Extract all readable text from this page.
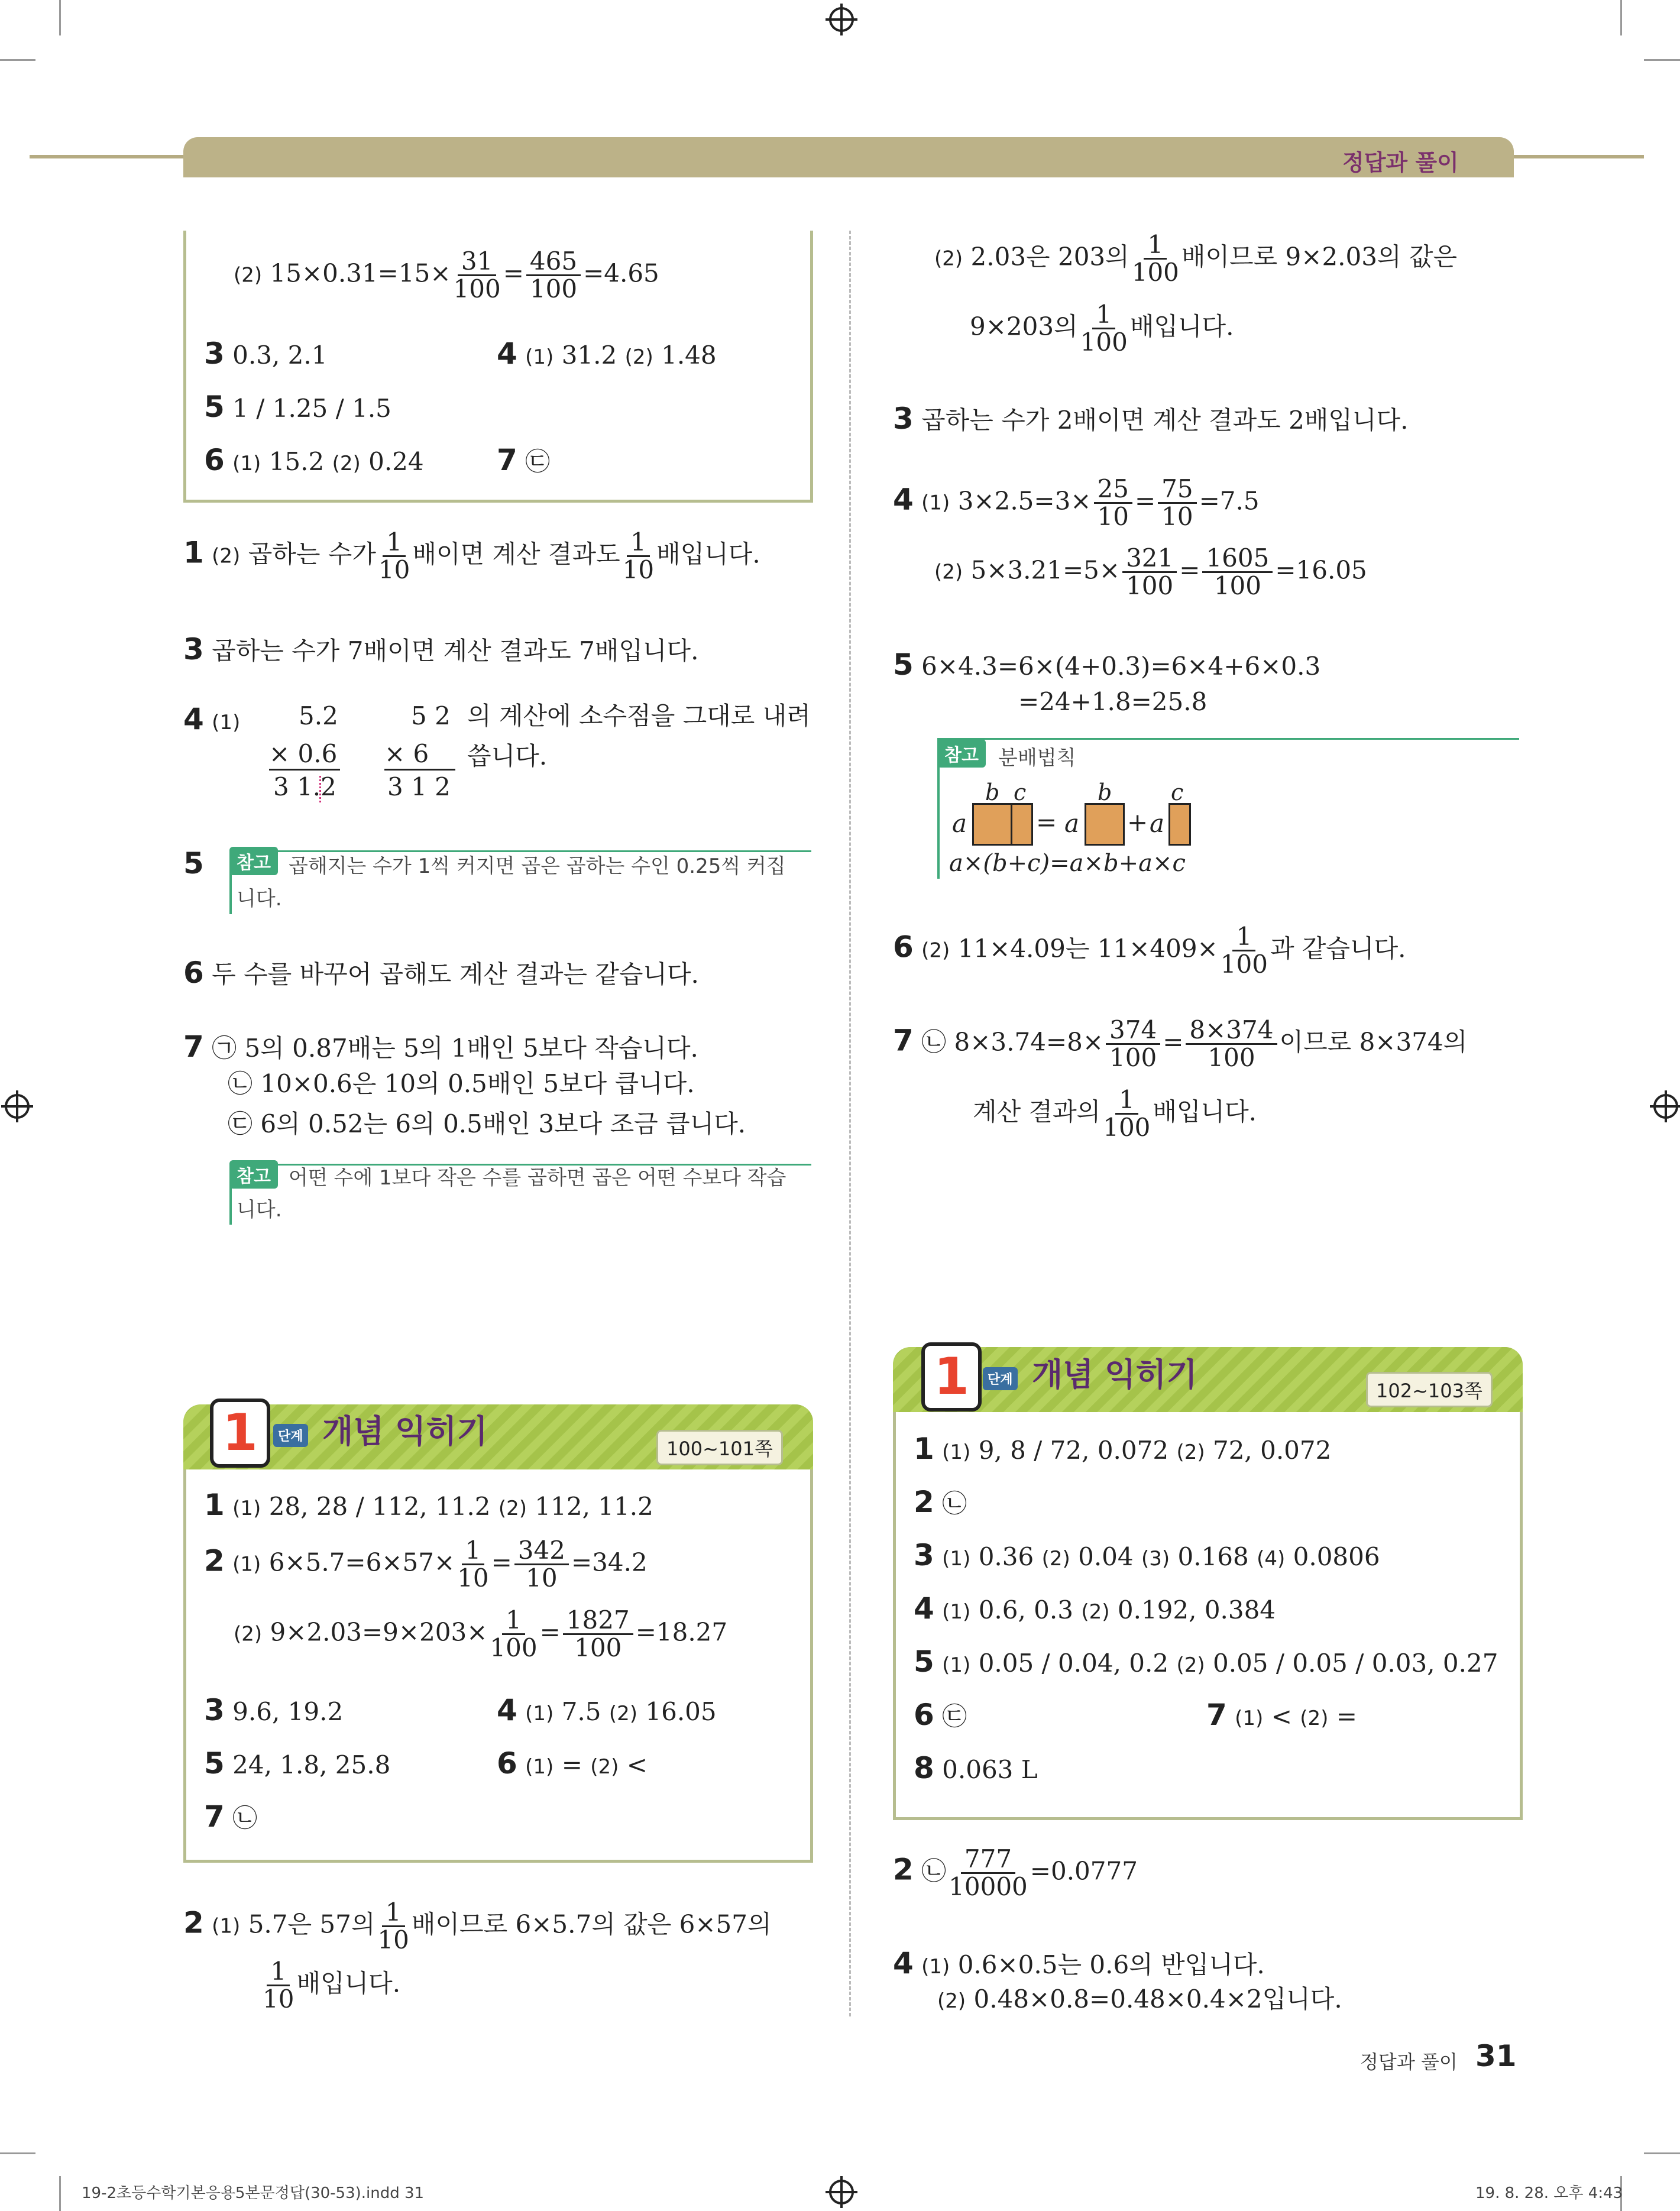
정답과 풀이
(2) $15\times 0.31=15\times \frac{31}{100} = \frac{465}{100} =4.65$
3 0.3, 2.1	4 (1) 31.2 (2) 1.48
5 1 / 1.25 / 1.5
6 (1) 15.2 (2) 0.24 7 ㉢
1 (2) 곱하는 수가 $\frac{1}{10}$ 배이면 계산 결과도 $\frac{1}{10}$ 배입니다.
3 곱하는 수가 7배이면 계산 결과도 7배입니다.
4 (1) 5.2
× 0.6
3 1.2
5 2
× 6
3 1 2
의 계산에 소수점을 그대로 내려
씁니다.
5	참고 곱해지는 수가 1씩 커지면 곱은 곱하는 수인 0.25씩 커집
니다.
6 두 수를 바꾸어 곱해도 계산 결과는 같습니다.
7 ㉠ 5의 0.87배는 5의 1배인 5보다 작습니다.
㉡ 10×0.6은 10의 0.5배인 5보다 큽니다.
㉢ 6의 0.52는 6의 0.5배인 3보다 조금 큽니다.
참고 어떤 수에 1보다 작은 수를 곱하면 곱은 어떤 수보다 작습
니다.
1	단계 개념 익히기	100~101쪽
1 (1) 28, 28 / 112, 11.2 (2) 112, 11.2
2 (1) $6\times 5.7=6\times 57\times \frac{1}{10} = \frac{342}{10} =34.2$
(2) $9\times 2.03=9\times 203\times \frac{1}{100} = \frac{1827}{100} =18.27$
3 9.6, 19.2	4 (1) 7.5 (2) 16.05
5 24, 1.8, 25.8	6 (1) = (2) <
7 ㉡
2 (1) 5.7은 57의 $\frac{1}{10}$ 배이므로 6×5.7의 값은 6×57의
$\frac{1}{10}$ 배입니다.
(2) 2.03은 203의 $\frac{1}{100}$ 배이므로 9×2.03의 값은
9×203의 $\frac{1}{100}$ 배입니다.
3 곱하는 수가 2배이면 계산 결과도 2배입니다.
4 (1) $3\times 2.5=3\times \frac{25}{10} = \frac{75}{10} =7.5$
(2) $5\times 3.21=5\times \frac{321}{100} = \frac{1605}{100} =16.05$
5 6×4.3=6×(4+0.3)=6×4+6×0.3
=24+1.8=25.8
참고 분배법칙
a
b c
= a
b
+ a
c
a×(b+c)=a×b+a×c
6 (2) 11×4.09는 $11\times 409\times \frac{1}{100}$ 과 같습니다.
7 ㉡ $8\times 3.74=8\times \frac{374}{100} = \frac{8\times 374}{100}$ 이므로 8×374의
계산 결과의 $\frac{1}{100}$ 배입니다.
1	단계 개념 익히기	102~103쪽
1 (1) 9, 8 / 72, 0.072 (2) 72, 0.072
2 ㉡
3 (1) 0.36 (2) 0.04 (3) 0.168 (4) 0.0806
4 (1) 0.6, 0.3 (2) 0.192, 0.384
5 (1) 0.05 / 0.04, 0.2 (2) 0.05 / 0.05 / 0.03, 0.27
6 ㉢	7 (1) < (2) =
8 0.063 L
2 ㉡ $\frac{777}{10000} =0.0777$
4 (1) 0.6×0.5는 0.6의 반입니다.
(2) 0.48×0.8=0.48×0.4×2입니다.
정답과 풀이 31
19-2초등수학기본응용5본문정답(30-53).indd 31	19. 8. 28. 오후 4:43
